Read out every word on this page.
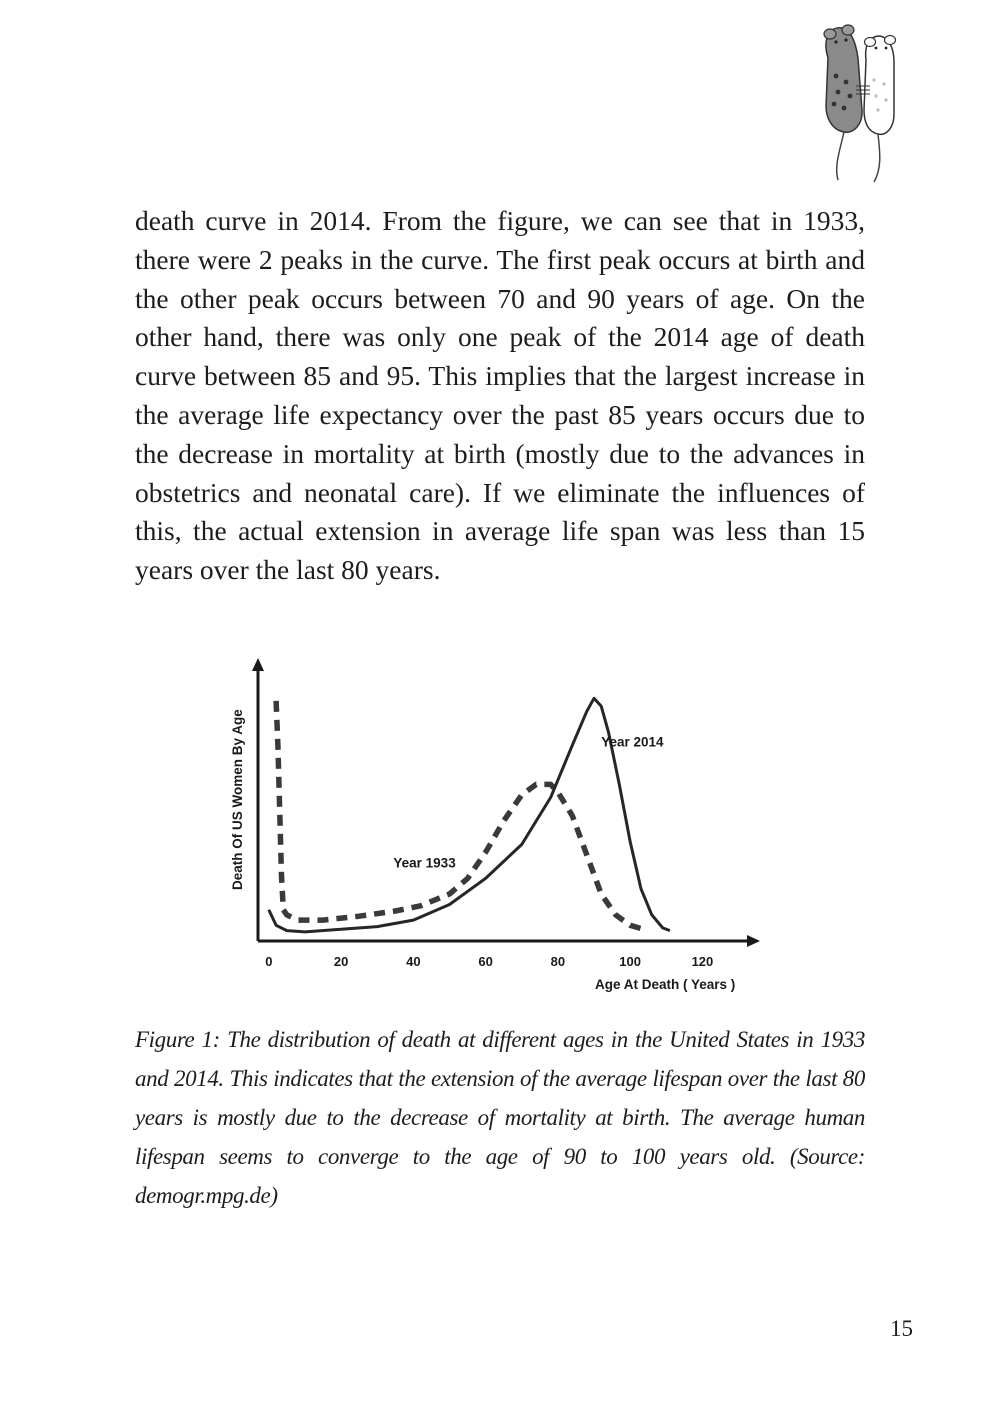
death curve in 2014. From the figure, we can see that in 1933, there were 2 peaks in the curve. The first peak occurs at birth and the other peak occurs between 70 and 90 years of age. On the other hand, there was only one peak of the 2014 age of death curve between 85 and 95. This implies that the largest increase in the average life expectancy over the past 85 years occurs due to the decrease in mortality at birth (mostly due to the advances in obstetrics and neonatal care). If we eliminate the influences of this, the actual extension in average life span was less than 15 years over the last 80 years.

0	20	40	60	80	100	120
Year 1933
Year 2014
Age At Death ( Years )
Death Of US Women By Age

Figure 1: The distribution of death at different ages in the United States in 1933 and 2014. This indicates that the extension of the average lifespan over the last 80 years is mostly due to the decrease of mortality at birth. The average human lifespan seems to converge to the age of 90 to 100 years old. (Source: demogr.mpg.de)

15
